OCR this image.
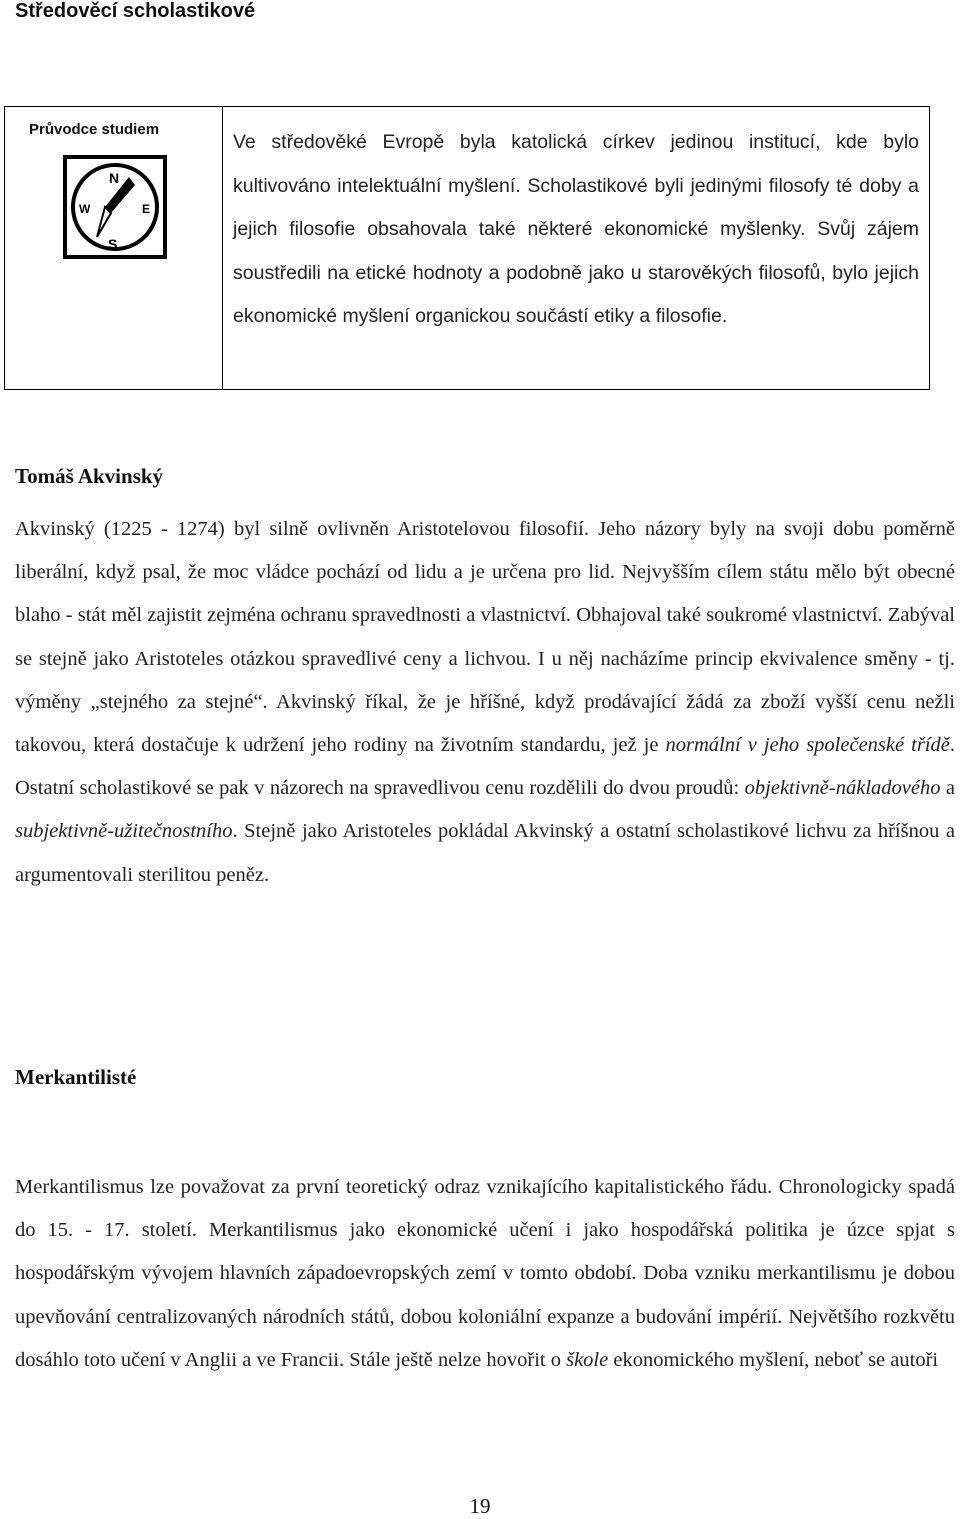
Středověcí scholastikové
Průvodce studiem
N
W	E
S
Ve středověké Evropě byla katolická církev jedinou institucí, kde bylo kultivováno intelektuální myšlení. Scholastikové byli jedinými filosofy té doby a jejich filosofie obsahovala také některé ekonomické myšlenky. Svůj zájem soustředili na etické hodnoty a podobně jako u starověkých filosofů, bylo jejich ekonomické myšlení organickou součástí etiky a filosofie.
Tomáš Akvinský

Akvinský (1225 - 1274) byl silně ovlivněn Aristotelovou filosofií. Jeho názory byly na svoji dobu poměrně liberální, když psal, že moc vládce pochází od lidu a je určena pro lid. Nejvyšším cílem státu mělo být obecné blaho - stát měl zajistit zejména ochranu spravedlnosti a vlastnictví. Obhajoval také soukromé vlastnictví. Zabýval se stejně jako Aristoteles otázkou spravedlivé ceny a lichvou. I u něj nacházíme princip ekvivalence směny - tj. výměny „stejného za stejné“. Akvinský říkal, že je hříšné, když prodávající žádá za zboží vyšší cenu nežli takovou, která dostačuje k udržení jeho rodiny na životním standardu, jež je normální v jeho společenské třídě. Ostatní scholastikové se pak v názorech na spravedlivou cenu rozdělili do dvou proudů: objektivně-nákladového a subjektivně-užitečnostního. Stejně jako Aristoteles pokládal Akvinský a ostatní scholastikové lichvu za hříšnou a argumentovali sterilitou peněz.

Merkantilisté

Merkantilismus lze považovat za první teoretický odraz vznikajícího kapitalistického řádu. Chronologicky spadá do 15. - 17. století. Merkantilismus jako ekonomické učení i jako hospodářská politika je úzce spjat s hospodářským vývojem hlavních západoevropských zemí v tomto období. Doba vzniku merkantilismu je dobou upevňování centralizovaných národních států, dobou koloniální expanze a budování impérií. Největšího rozkvětu dosáhlo toto učení v Anglii a ve Francii. Stále ještě nelze hovořit o škole ekonomického myšlení, neboť se autoři

19
